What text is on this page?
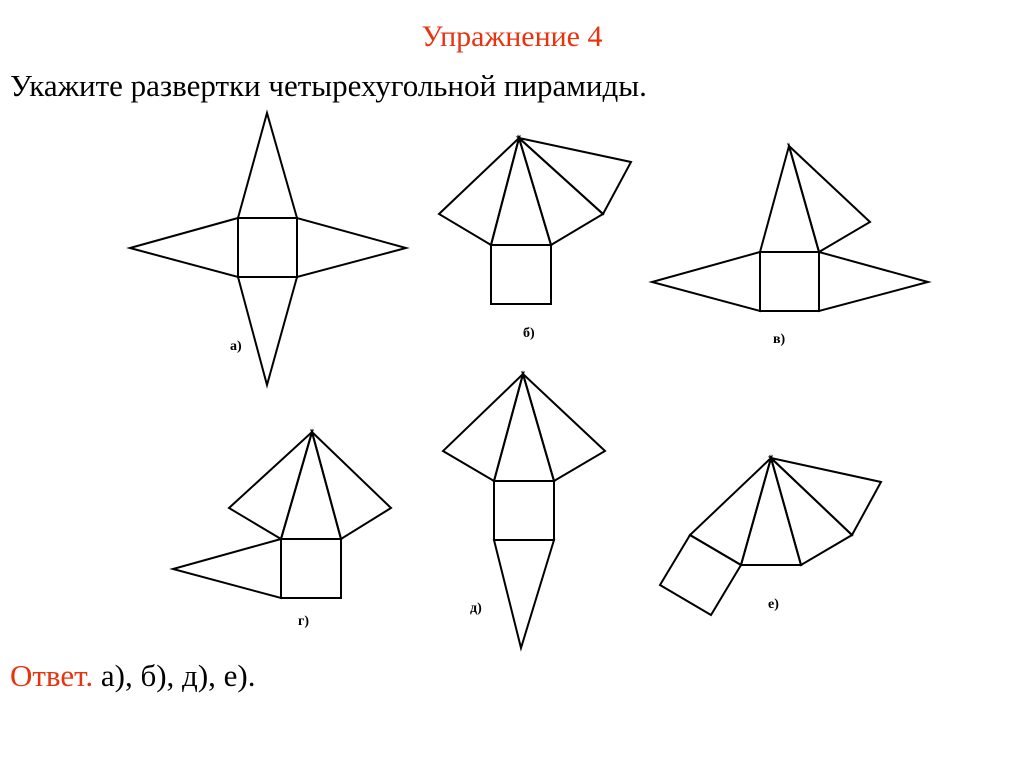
Упражнение 4
Укажите развертки четырехугольной пирамиды.
а)
б)	в)
г)
д)	е)
Ответ. а), б), д), е).
